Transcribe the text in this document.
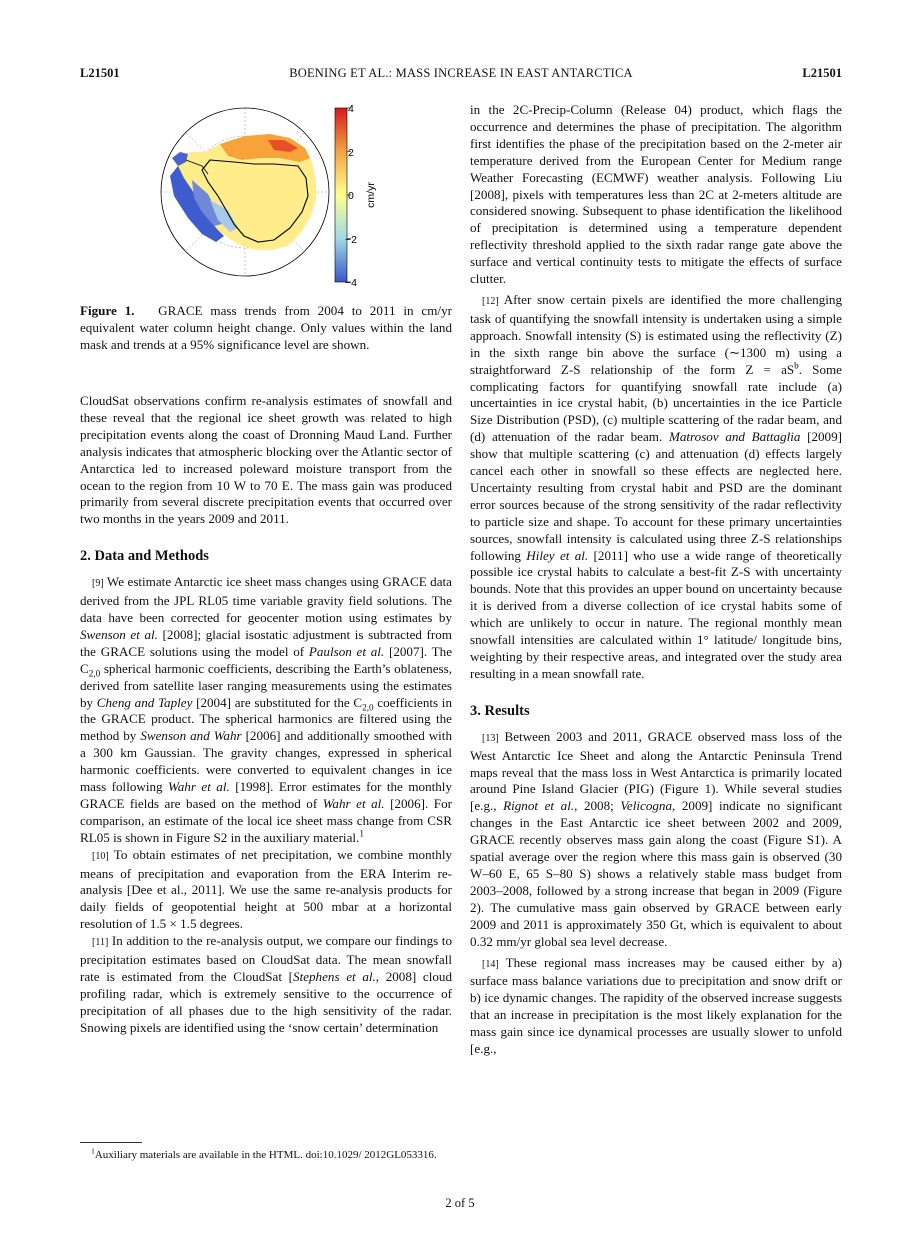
L21501	BOENING ET AL.: MASS INCREASE IN EAST ANTARCTICA	L21501
4
2
0
−2
−4
cm/yr
Figure 1. GRACE mass trends from 2004 to 2011 in cm/yr equivalent water column height change. Only values within the land mask and trends at a 95% significance level are shown.

CloudSat observations confirm re-analysis estimates of snowfall and these reveal that the regional ice sheet growth was related to high precipitation events along the coast of Dronning Maud Land. Further analysis indicates that atmospheric blocking over the Atlantic sector of Antarctica led to increased poleward moisture transport from the ocean to the region from 10 W to 70 E. The mass gain was produced primarily from several discrete precipitation events that occurred over two months in the years 2009 and 2011.

2. Data and Methods

[9] We estimate Antarctic ice sheet mass changes using GRACE data derived from the JPL RL05 time variable gravity field solutions. The data have been corrected for geocenter motion using estimates by Swenson et al. [2008]; glacial isostatic adjustment is subtracted from the GRACE solutions using the model of Paulson et al. [2007]. The $C_{2,0}$ spherical harmonic coefficients, describing the Earth’s oblateness, derived from satellite laser ranging measurements using the estimates by Cheng and Tapley [2004] are substituted for the $C_{2,0}$ coefficients in the GRACE product. The spherical harmonics are filtered using the method by Swenson and Wahr [2006] and additionally smoothed with a 300 km Gaussian. The gravity changes, expressed in spherical harmonic coefficients. were converted to equivalent changes in ice mass following Wahr et al. [1998]. Error estimates for the monthly GRACE fields are based on the method of Wahr et al. [2006]. For comparison, an estimate of the local ice sheet mass change from CSR RL05 is shown in Figure S2 in the auxiliary material.$^1$

[10] To obtain estimates of net precipitation, we combine monthly means of precipitation and evaporation from the ERA Interim re-analysis [Dee et al., 2011]. We use the same re-analysis products for daily fields of geopotential height at 500 mbar at a horizontal resolution of 1.5 × 1.5 degrees.

[11] In addition to the re-analysis output, we compare our findings to precipitation estimates based on CloudSat data. The mean snowfall rate is estimated from the CloudSat [Stephens et al., 2008] cloud profiling radar, which is extremely sensitive to the occurrence of precipitation of all phases due to the high sensitivity of the radar. Snowing pixels are identified using the ‘snow certain’ determination

in the 2C-Precip-Column (Release 04) product, which flags the occurrence and determines the phase of precipitation. The algorithm first identifies the phase of the precipitation based on the 2-meter air temperature derived from the European Center for Medium range Weather Forecasting (ECMWF) weather analysis. Following Liu [2008], pixels with temperatures less than 2C at 2-meters altitude are considered snowing. Subsequent to phase identification the likelihood of precipitation is determined using a temperature dependent reflectivity threshold applied to the sixth radar range gate above the surface and vertical continuity tests to mitigate the effects of surface clutter.

[12] After snow certain pixels are identified the more challenging task of quantifying the snowfall intensity is undertaken using a simple approach. Snowfall intensity (S) is estimated using the reflectivity (Z) in the sixth range bin above the surface (∼1300 m) using a straightforward Z-S relationship of the form $Z = aS^b$. Some complicating factors for quantifying snowfall rate include (a) uncertainties in ice crystal habit, (b) uncertainties in the ice Particle Size Distribution (PSD), (c) multiple scattering of the radar beam, and (d) attenuation of the radar beam. Matrosov and Battaglia [2009] show that multiple scattering (c) and attenuation (d) effects largely cancel each other in snowfall so these effects are neglected here. Uncertainty resulting from crystal habit and PSD are the dominant error sources because of the strong sensitivity of the radar reflectivity to particle size and shape. To account for these primary uncertainties sources, snowfall intensity is calculated using three Z-S relationships following Hiley et al. [2011] who use a wide range of theoretically possible ice crystal habits to calculate a best-fit Z-S with uncertainty bounds. Note that this provides an upper bound on uncertainty because it is derived from a diverse collection of ice crystal habits some of which are unlikely to occur in nature. The regional monthly mean snowfall intensities are calculated within 1° latitude/ longitude bins, weighting by their respective areas, and integrated over the study area resulting in a mean snowfall rate.

3. Results

[13] Between 2003 and 2011, GRACE observed mass loss of the West Antarctic Ice Sheet and along the Antarctic Peninsula Trend maps reveal that the mass loss in West Antarctica is primarily located around Pine Island Glacier (PIG) (Figure 1). While several studies [e.g., Rignot et al., 2008; Velicogna, 2009] indicate no significant changes in the East Antarctic ice sheet between 2002 and 2009, GRACE recently observes mass gain along the coast (Figure S1). A spatial average over the region where this mass gain is observed (30 W–60 E, 65 S–80 S) shows a relatively stable mass budget from 2003–2008, followed by a strong increase that began in 2009 (Figure 2). The cumulative mass gain observed by GRACE between early 2009 and 2011 is approximately 350 Gt, which is equivalent to about 0.32 mm/yr global sea level decrease.

[14] These regional mass increases may be caused either by a) surface mass balance variations due to precipitation and snow drift or b) ice dynamic changes. The rapidity of the observed increase suggests that an increase in precipitation is the most likely explanation for the mass gain since ice dynamical processes are usually slower to unfold [e.g.,

$^1$Auxiliary materials are available in the HTML. doi:10.1029/ 2012GL053316.
2 of 5
